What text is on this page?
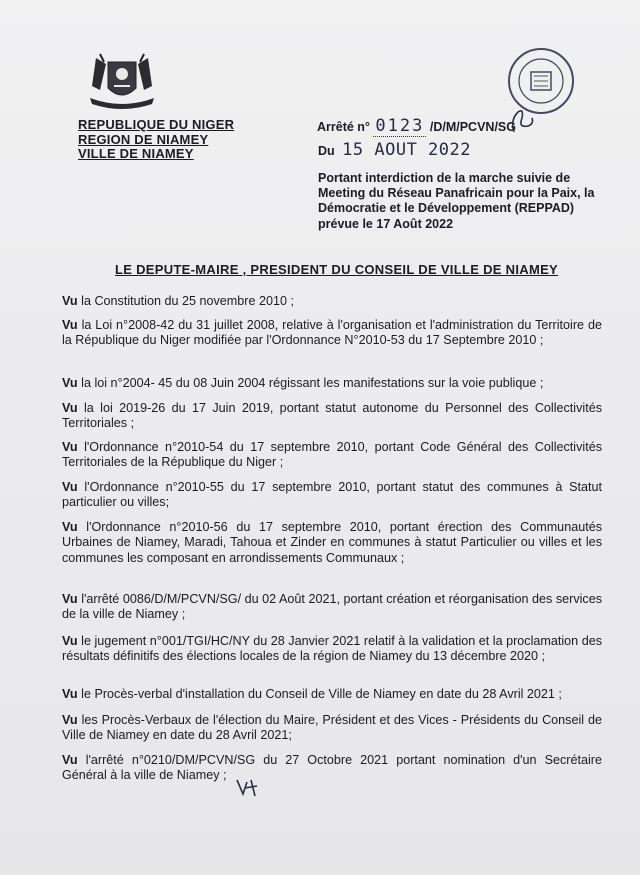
REPUBLIQUE DU NIGER
REGION DE NIAMEY
VILLE DE NIAMEY
Arrêté n° 0123 /D/M/PCVN/SG
Du 15 AOUT 2022
Portant interdiction de la marche suivie de Meeting du Réseau Panafricain pour la Paix, la Démocratie et le Développement (REPPAD) prévue le 17 Août 2022
LE DEPUTE-MAIRE , PRESIDENT DU CONSEIL DE VILLE DE NIAMEY
Vu la Constitution du 25 novembre 2010 ;
Vu la Loi n°2008-42 du 31 juillet 2008, relative à l'organisation et l'administration du Territoire de la République du Niger modifiée par l'Ordonnance N°2010-53 du 17 Septembre 2010 ;
Vu la loi n°2004- 45 du 08 Juin 2004 régissant les manifestations sur la voie publique ;
Vu la loi 2019-26 du 17 Juin 2019, portant statut autonome du Personnel des Collectivités Territoriales ;
Vu l'Ordonnance n°2010-54 du 17 septembre 2010, portant Code Général des Collectivités Territoriales de la République du Niger ;
Vu l'Ordonnance n°2010-55 du 17 septembre 2010, portant statut des communes à Statut particulier ou villes;
Vu l'Ordonnance n°2010-56 du 17 septembre 2010, portant érection des Communautés Urbaines de Niamey, Maradi, Tahoua et Zinder en communes à statut Particulier ou villes et les communes les composant en arrondissements Communaux ;
Vu l'arrêté 0086/D/M/PCVN/SG/ du 02 Août 2021, portant création et réorganisation des services de la ville de Niamey ;
Vu le jugement n°001/TGI/HC/NY du 28 Janvier 2021 relatif à la validation et la proclamation des résultats définitifs des élections locales de la région de Niamey du 13 décembre 2020 ;
Vu le Procès-verbal d'installation du Conseil de Ville de Niamey en date du 28 Avril 2021 ;
Vu les Procès-Verbaux de l'élection du Maire, Président et des Vices - Présidents du Conseil de Ville de Niamey en date du 28 Avril 2021;
Vu l'arrêté n°0210/DM/PCVN/SG du 27 Octobre 2021 portant nomination d'un Secrétaire Général à la ville de Niamey ;
